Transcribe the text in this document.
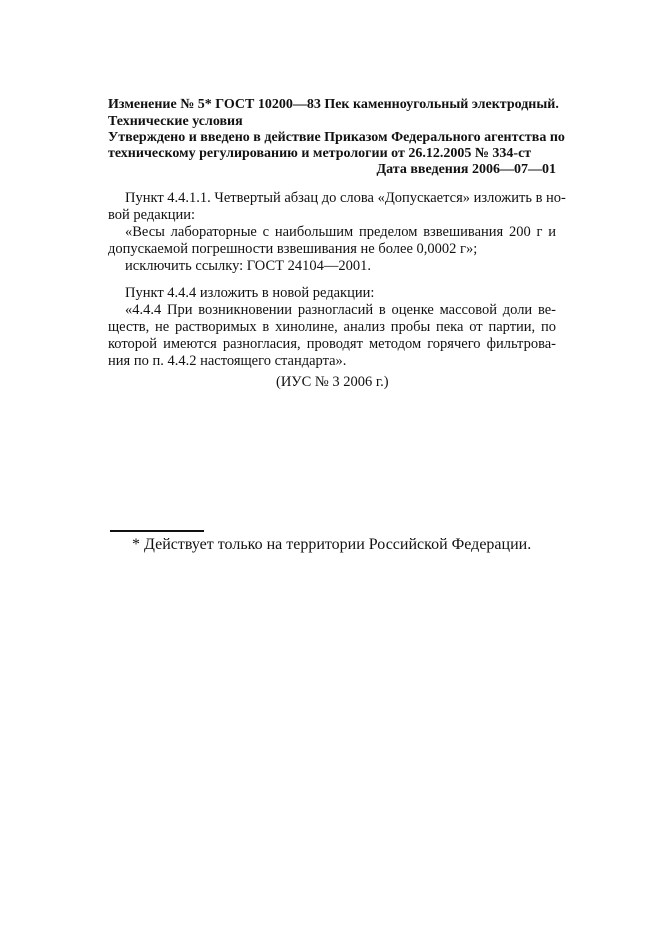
Изменение № 5* ГОСТ 10200—83 Пек каменноугольный электродный.
Технические условия
Утверждено и введено в действие Приказом Федерального агентства по
техническому регулированию и метрологии от 26.12.2005 № 334-ст
Дата введения 2006—07—01
Пункт 4.4.1.1. Четвертый абзац до слова «Допускается» изложить в но-
вой редакции:
«Весы лабораторные с наибольшим пределом взвешивания 200 г и
допускаемой погрешности взвешивания не более 0,0002 г»;
исключить ссылку: ГОСТ 24104—2001.
Пункт 4.4.4 изложить в новой редакции:
«4.4.4 При возникновении разногласий в оценке массовой доли ве-
ществ, не растворимых в хинолине, анализ пробы пека от партии, по
которой имеются разногласия, проводят методом горячего фильтрова-
ния по п. 4.4.2 настоящего стандарта».
(ИУС № 3 2006 г.)
* Действует только на территории Российской Федерации.
